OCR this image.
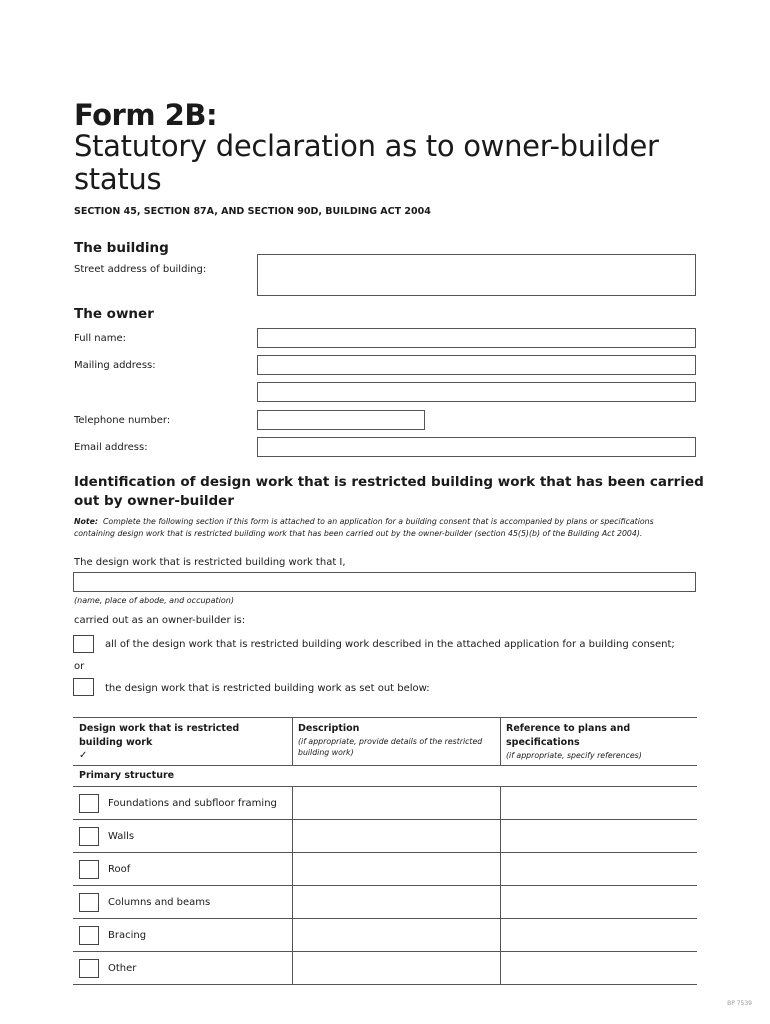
Form 2B:
Statutory declaration as to owner-builder status
SECTION 45, SECTION 87A, AND SECTION 90D, BUILDING ACT 2004
The building
Street address of building:
The owner
Full name:
Mailing address:
Telephone number:
Email address:
Identification of design work that is restricted building work that has been carried out by owner-builder
Note: Complete the following section if this form is attached to an application for a building consent that is accompanied by plans or specifications containing design work that is restricted building work that has been carried out by the owner-builder (section 45(5)(b) of the Building Act 2004).
The design work that is restricted building work that I,
(name, place of abode, and occupation)
carried out as an owner-builder is:
all of the design work that is restricted building work described in the attached application for a building consent;
or
the design work that is restricted building work as set out below:
Design work that is restricted building work
✓
Description
(if appropriate, provide details of the restricted building work)
Reference to plans and specifications
(if appropriate, specify references)
Primary structure
Foundations and subfloor framing
Walls
Roof
Columns and beams
Bracing
Other
BP 7539
